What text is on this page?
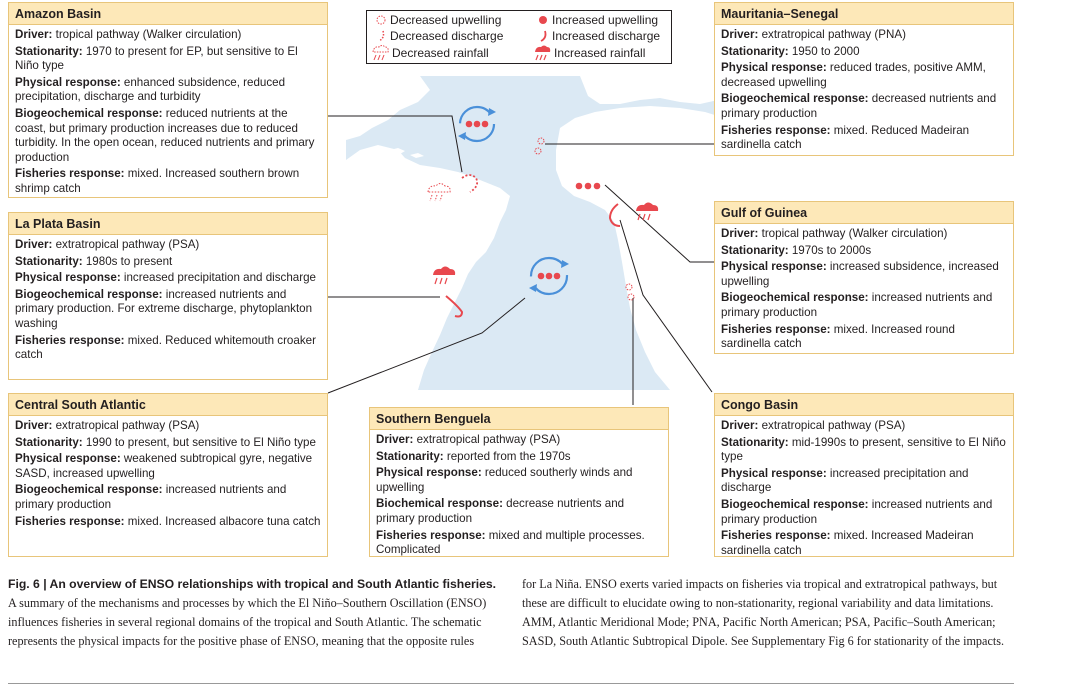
Decreased upwelling	Increased upwelling
Decreased discharge	Increased discharge
Decreased rainfall	Increased rainfall
Amazon Basin
Driver: tropical pathway (Walker circulation)
Stationarity: 1970 to present for EP, but sensitive to El Niño type
Physical response: enhanced subsidence, reduced precipitation, discharge and turbidity
Biogeochemical response: reduced nutrients at the coast, but primary production increases due to reduced turbidity. In the open ocean, reduced nutrients and primary production
Fisheries response: mixed. Increased southern brown shrimp catch
La Plata Basin
Driver: extratropical pathway (PSA)
Stationarity: 1980s to present
Physical response: increased precipitation and discharge
Biogeochemical response: increased nutrients and primary production. For extreme discharge, phytoplankton washing
Fisheries response: mixed. Reduced whitemouth croaker catch
Central South Atlantic
Driver: extratropical pathway (PSA)
Stationarity: 1990 to present, but sensitive to El Niño type
Physical response: weakened subtropical gyre, negative SASD, increased upwelling
Biogeochemical response: increased nutrients and primary production
Fisheries response: mixed. Increased albacore tuna catch
Southern Benguela
Driver: extratropical pathway (PSA)
Stationarity: reported from the 1970s
Physical response: reduced southerly winds and upwelling
Biochemical response: decrease nutrients and primary production
Fisheries response: mixed and multiple processes. Complicated
Mauritania–Senegal
Driver: extratropical pathway (PNA)
Stationarity: 1950 to 2000
Physical response: reduced trades, positive AMM, decreased upwelling
Biogeochemical response: decreased nutrients and primary production
Fisheries response: mixed. Reduced Madeiran sardinella catch
Gulf of Guinea
Driver: tropical pathway (Walker circulation)
Stationarity: 1970s to 2000s
Physical response: increased subsidence, increased upwelling
Biogeochemical response: increased nutrients and primary production
Fisheries response: mixed. Increased round sardinella catch
Congo Basin
Driver: extratropical pathway (PSA)
Stationarity: mid-1990s to present, sensitive to El Niño type
Physical response: increased precipitation and discharge
Biogeochemical response: increased nutrients and primary production
Fisheries response: mixed. Increased Madeiran sardinella catch
Fig. 6 | An overview of ENSO relationships with tropical and South Atlantic fisheries. A summary of the mechanisms and processes by which the El Niño–Southern Oscillation (ENSO) influences fisheries in several regional domains of the tropical and South Atlantic. The schematic represents the physical impacts for the positive phase of ENSO, meaning that the opposite rules
for La Niña. ENSO exerts varied impacts on fisheries via tropical and extratropical pathways, but these are difficult to elucidate owing to non-stationarity, regional variability and data limitations. AMM, Atlantic Meridional Mode; PNA, Pacific North American; PSA, Pacific–South American; SASD, South Atlantic Subtropical Dipole. See Supplementary Fig 6 for stationarity of the impacts.
